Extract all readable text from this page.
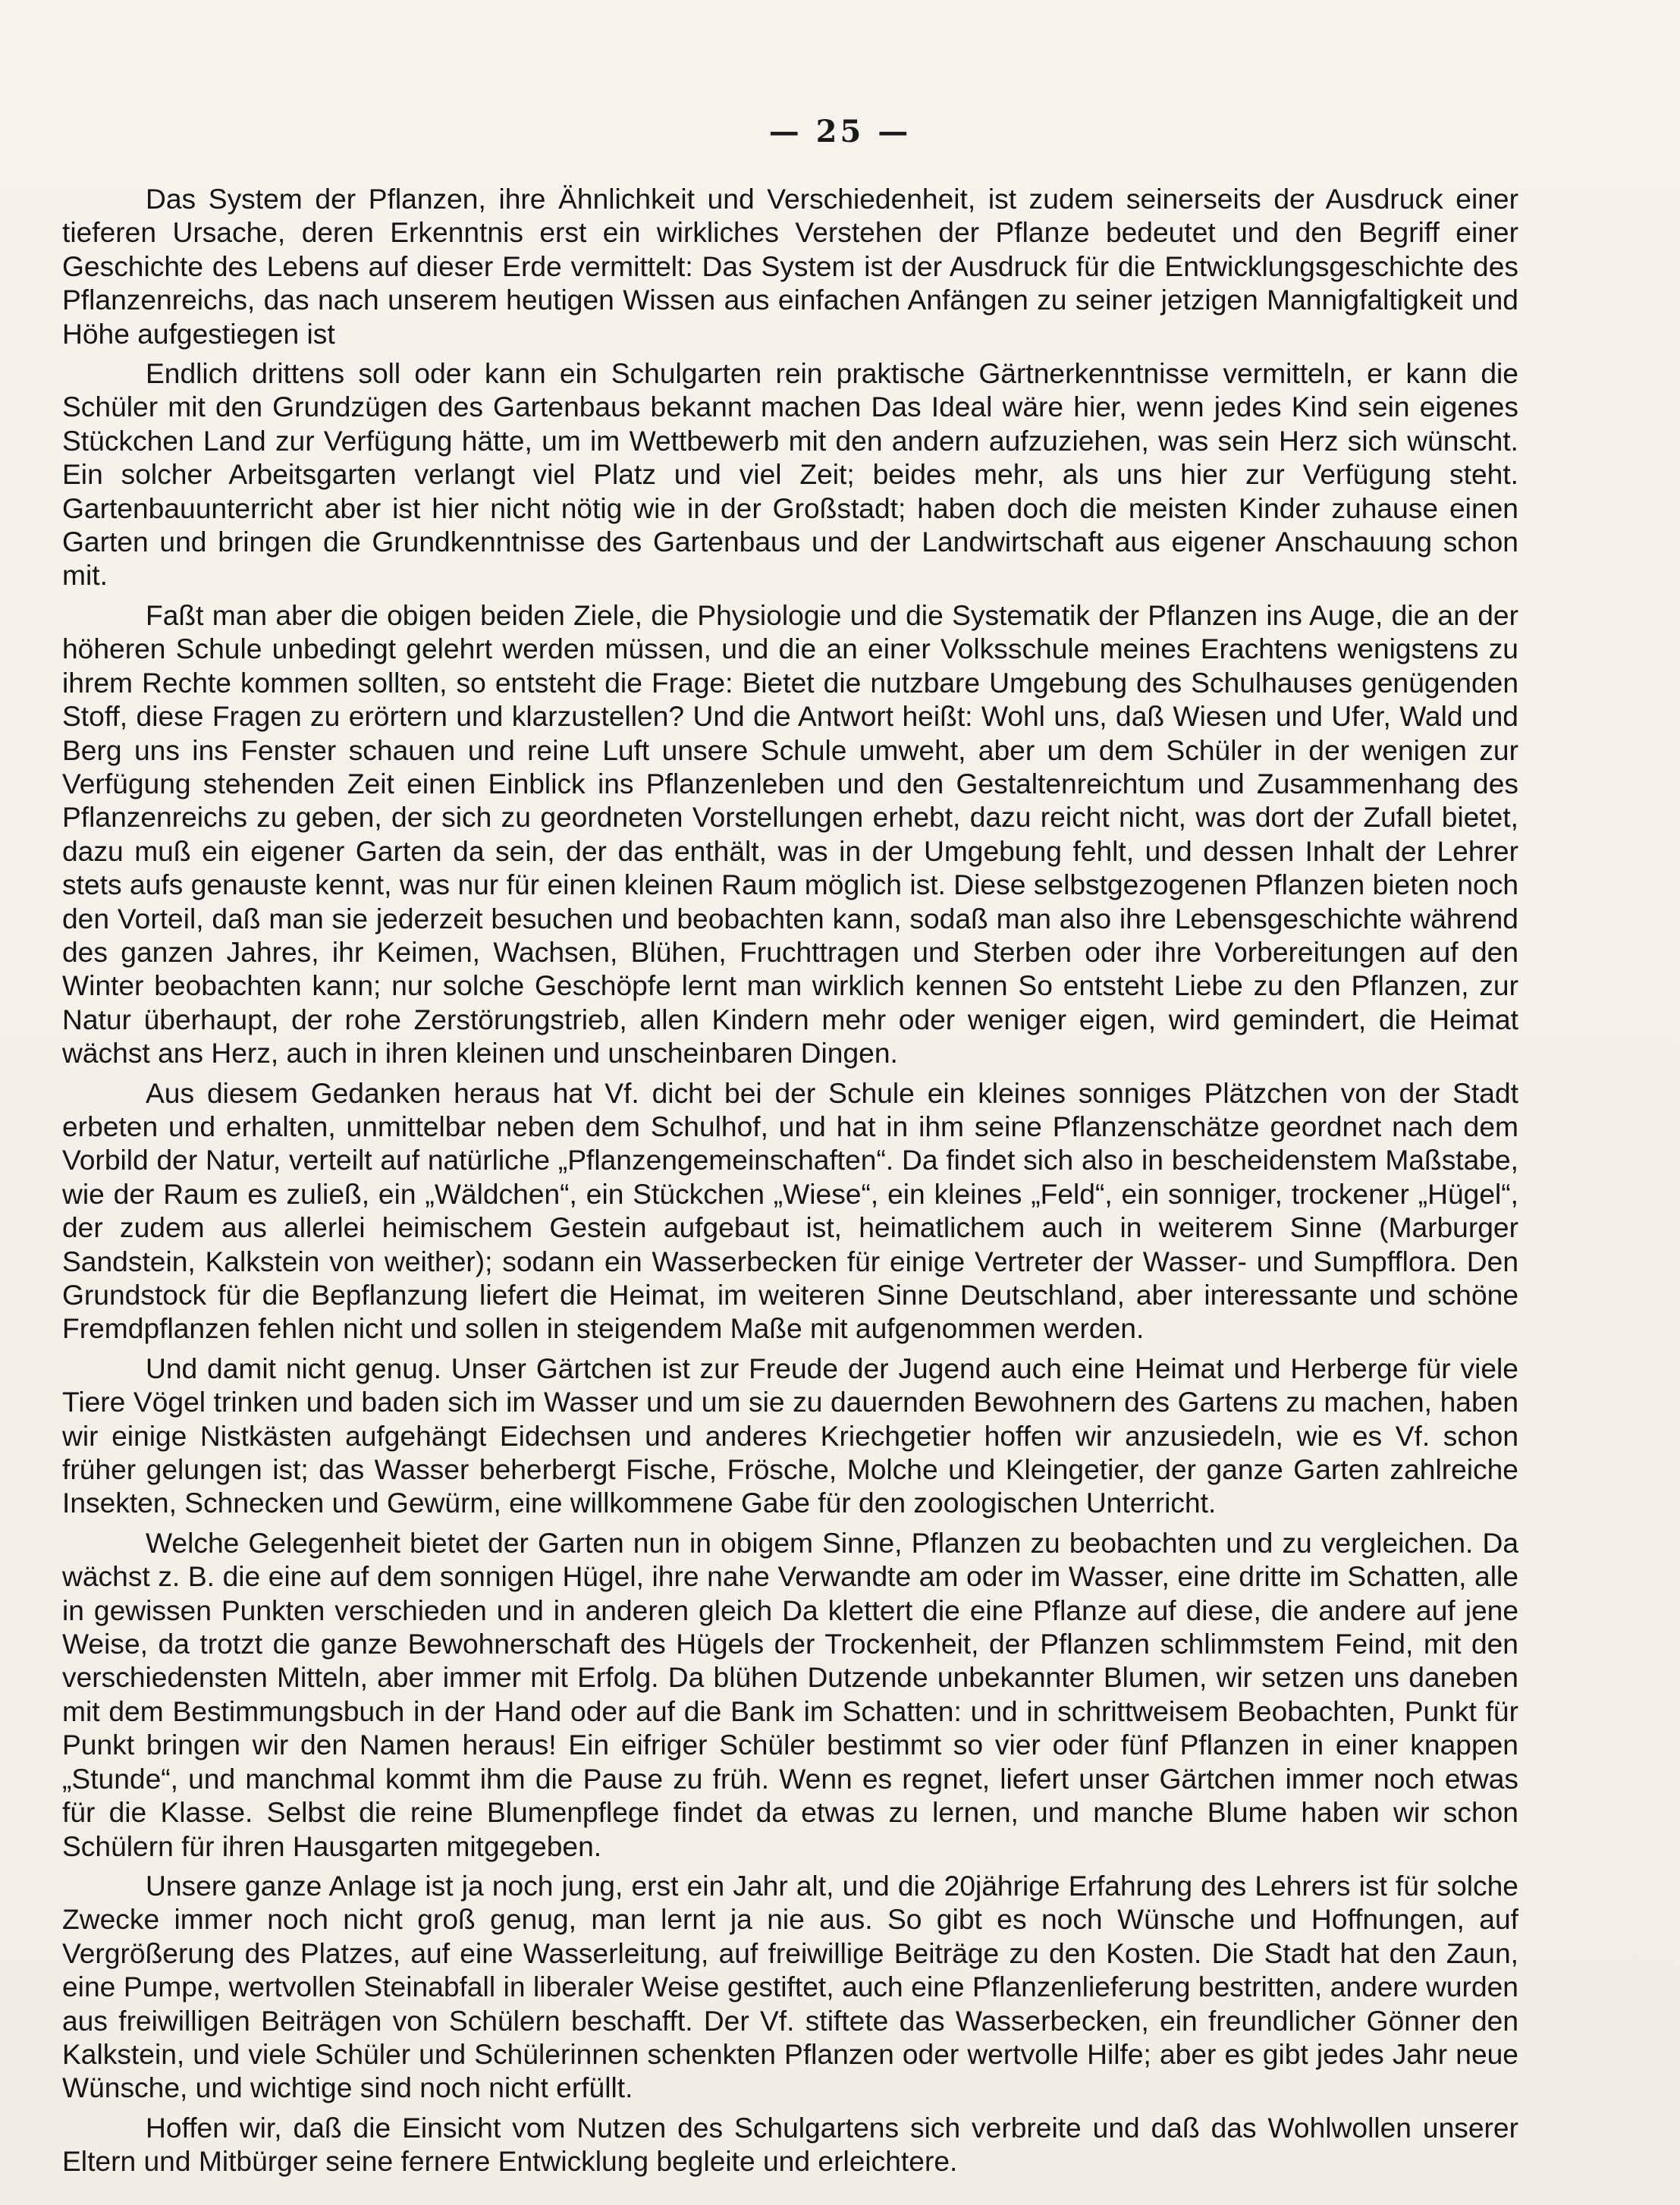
— 25 —

Das System der Pflanzen, ihre Ähnlichkeit und Verschiedenheit, ist zudem seinerseits der Ausdruck einer tieferen Ursache, deren Erkenntnis erst ein wirkliches Verstehen der Pflanze bedeutet und den Begriff einer Geschichte des Lebens auf dieser Erde vermittelt: Das System ist der Ausdruck für die Entwicklungsgeschichte des Pflanzenreichs, das nach unserem heutigen Wissen aus einfachen Anfängen zu seiner jetzigen Mannigfaltigkeit und Höhe aufgestiegen ist

Endlich drittens soll oder kann ein Schulgarten rein praktische Gärtnerkenntnisse vermitteln, er kann die Schüler mit den Grundzügen des Gartenbaus bekannt machen Das Ideal wäre hier, wenn jedes Kind sein eigenes Stückchen Land zur Verfügung hätte, um im Wettbewerb mit den andern aufzuziehen, was sein Herz sich wünscht. Ein solcher Arbeitsgarten verlangt viel Platz und viel Zeit; beides mehr, als uns hier zur Verfügung steht. Gartenbauunterricht aber ist hier nicht nötig wie in der Großstadt; haben doch die meisten Kinder zuhause einen Garten und bringen die Grundkenntnisse des Gartenbaus und der Landwirtschaft aus eigener Anschauung schon mit.

Faßt man aber die obigen beiden Ziele, die Physiologie und die Systematik der Pflanzen ins Auge, die an der höheren Schule unbedingt gelehrt werden müssen, und die an einer Volksschule meines Erachtens wenigstens zu ihrem Rechte kommen sollten, so entsteht die Frage: Bietet die nutzbare Umgebung des Schulhauses genügenden Stoff, diese Fragen zu erörtern und klarzustellen? Und die Antwort heißt: Wohl uns, daß Wiesen und Ufer, Wald und Berg uns ins Fenster schauen und reine Luft unsere Schule umweht, aber um dem Schüler in der wenigen zur Verfügung stehenden Zeit einen Einblick ins Pflanzenleben und den Gestaltenreichtum und Zusammenhang des Pflanzenreichs zu geben, der sich zu geordneten Vorstellungen erhebt, dazu reicht nicht, was dort der Zufall bietet, dazu muß ein eigener Garten da sein, der das enthält, was in der Umgebung fehlt, und dessen Inhalt der Lehrer stets aufs genauste kennt, was nur für einen kleinen Raum möglich ist. Diese selbstgezogenen Pflanzen bieten noch den Vorteil, daß man sie jederzeit besuchen und beobachten kann, sodaß man also ihre Lebensgeschichte während des ganzen Jahres, ihr Keimen, Wachsen, Blühen, Fruchttragen und Sterben oder ihre Vorbereitungen auf den Winter beobachten kann; nur solche Geschöpfe lernt man wirklich kennen So entsteht Liebe zu den Pflanzen, zur Natur überhaupt, der rohe Zerstörungstrieb, allen Kindern mehr oder weniger eigen, wird gemindert, die Heimat wächst ans Herz, auch in ihren kleinen und unscheinbaren Dingen.

Aus diesem Gedanken heraus hat Vf. dicht bei der Schule ein kleines sonniges Plätzchen von der Stadt erbeten und erhalten, unmittelbar neben dem Schulhof, und hat in ihm seine Pflanzenschätze geordnet nach dem Vorbild der Natur, verteilt auf natürliche „Pflanzengemeinschaften“. Da findet sich also in bescheidenstem Maßstabe, wie der Raum es zuließ, ein „Wäldchen“, ein Stückchen „Wiese“, ein kleines „Feld“, ein sonniger, trockener „Hügel“, der zudem aus allerlei heimischem Gestein aufgebaut ist, heimatlichem auch in weiterem Sinne (Marburger Sandstein, Kalkstein von weither); sodann ein Wasserbecken für einige Vertreter der Wasser- und Sumpfflora. Den Grundstock für die Bepflanzung liefert die Heimat, im weiteren Sinne Deutschland, aber interessante und schöne Fremdpflanzen fehlen nicht und sollen in steigendem Maße mit aufgenommen werden.

Und damit nicht genug. Unser Gärtchen ist zur Freude der Jugend auch eine Heimat und Herberge für viele Tiere Vögel trinken und baden sich im Wasser und um sie zu dauernden Bewohnern des Gartens zu machen, haben wir einige Nistkästen aufgehängt Eidechsen und anderes Kriechgetier hoffen wir anzusiedeln, wie es Vf. schon früher gelungen ist; das Wasser beherbergt Fische, Frösche, Molche und Kleingetier, der ganze Garten zahlreiche Insekten, Schnecken und Gewürm, eine willkommene Gabe für den zoologischen Unterricht.

Welche Gelegenheit bietet der Garten nun in obigem Sinne, Pflanzen zu beobachten und zu vergleichen. Da wächst z. B. die eine auf dem sonnigen Hügel, ihre nahe Verwandte am oder im Wasser, eine dritte im Schatten, alle in gewissen Punkten verschieden und in anderen gleich Da klettert die eine Pflanze auf diese, die andere auf jene Weise, da trotzt die ganze Bewohnerschaft des Hügels der Trockenheit, der Pflanzen schlimmstem Feind, mit den verschiedensten Mitteln, aber immer mit Erfolg. Da blühen Dutzende unbekannter Blumen, wir setzen uns daneben mit dem Bestimmungsbuch in der Hand oder auf die Bank im Schatten: und in schrittweisem Beobachten, Punkt für Punkt bringen wir den Namen heraus! Ein eifriger Schüler bestimmt so vier oder fünf Pflanzen in einer knappen „Stunde“, und manchmal kommt ihm die Pause zu früh. Wenn es regnet, liefert unser Gärtchen immer noch etwas für die Klasse. Selbst die reine Blumenpflege findet da etwas zu lernen, und manche Blume haben wir schon Schülern für ihren Hausgarten mitgegeben.

Unsere ganze Anlage ist ja noch jung, erst ein Jahr alt, und die 20jährige Erfahrung des Lehrers ist für solche Zwecke immer noch nicht groß genug, man lernt ja nie aus. So gibt es noch Wünsche und Hoffnungen, auf Vergrößerung des Platzes, auf eine Wasserleitung, auf freiwillige Beiträge zu den Kosten. Die Stadt hat den Zaun, eine Pumpe, wertvollen Steinabfall in liberaler Weise gestiftet, auch eine Pflanzenlieferung bestritten, andere wurden aus freiwilligen Beiträgen von Schülern beschafft. Der Vf. stiftete das Wasserbecken, ein freundlicher Gönner den Kalkstein, und viele Schüler und Schülerinnen schenkten Pflanzen oder wertvolle Hilfe; aber es gibt jedes Jahr neue Wünsche, und wichtige sind noch nicht erfüllt.

Hoffen wir, daß die Einsicht vom Nutzen des Schulgartens sich verbreite und daß das Wohlwollen unserer Eltern und Mitbürger seine fernere Entwicklung begleite und erleichtere.
